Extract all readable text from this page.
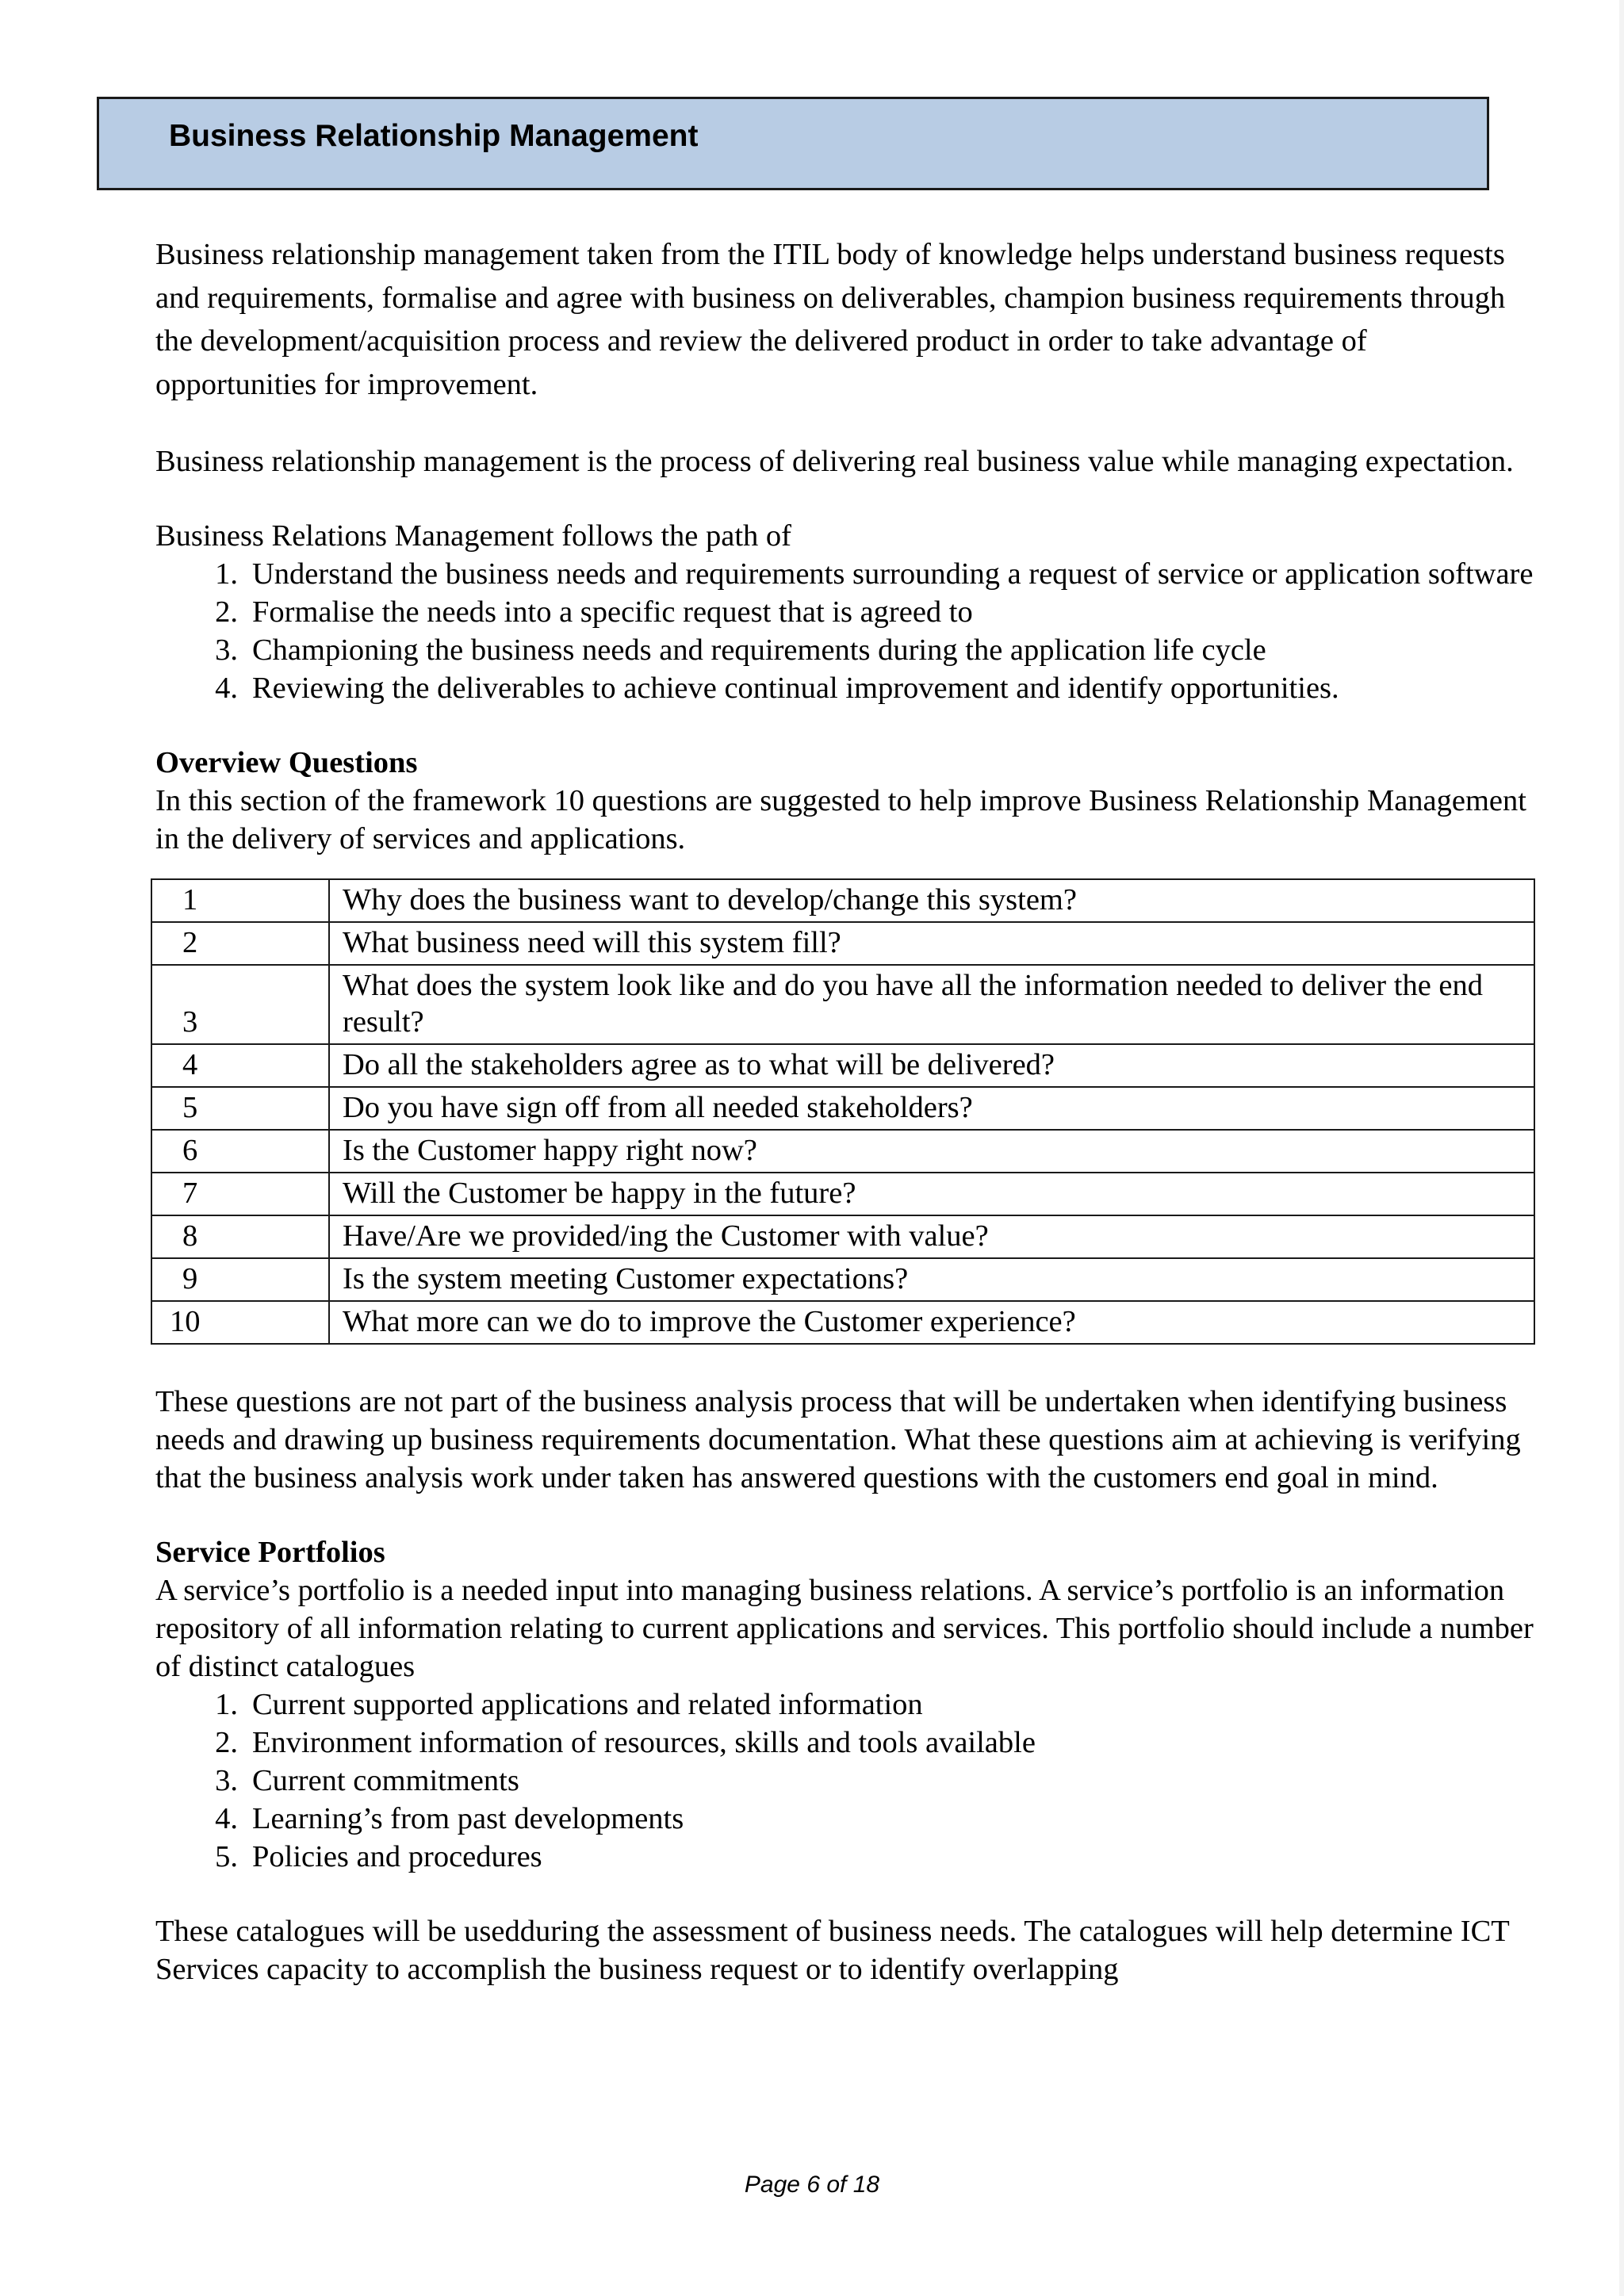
Business Relationship Management

Business relationship management taken from the ITIL body of knowledge helps understand business requests and requirements, formalise and agree with business on deliverables, champion business requirements through the development/acquisition process and review the delivered product in order to take advantage of opportunities for improvement.

Business relationship management is the process of delivering real business value while managing expectation.

Business Relations Management follows the path of

1. Understand the business needs and requirements surrounding a request of service or application software
2. Formalise the needs into a specific request that is agreed to
3. Championing the business needs and requirements during the application life cycle
4. Reviewing the deliverables to achieve continual improvement and identify opportunities.

Overview Questions

In this section of the framework 10 questions are suggested to help improve Business Relationship Management in the delivery of services and applications.

1	Why does the business want to develop/change this system?
2	What business need will this system fill?
3	What does the system look like and do you have all the information needed to deliver the end result?
4	Do all the stakeholders agree as to what will be delivered?
5	Do you have sign off from all needed stakeholders?
6	Is the Customer happy right now?
7	Will the Customer be happy in the future?
8	Have/Are we provided/ing the Customer with value?
9	Is the system meeting Customer expectations?
10	What more can we do to improve the Customer experience?

These questions are not part of the business analysis process that will be undertaken when identifying business needs and drawing up business requirements documentation. What these questions aim at achieving is verifying that the business analysis work under taken has answered questions with the customers end goal in mind.

Service Portfolios

A service’s portfolio is a needed input into managing business relations. A service’s portfolio is an information repository of all information relating to current applications and services. This portfolio should include a number of distinct catalogues

1. Current supported applications and related information
2. Environment information of resources, skills and tools available
3. Current commitments
4. Learning’s from past developments
5. Policies and procedures

These catalogues will be usedduring the assessment of business needs. The catalogues will help determine ICT Services capacity to accomplish the business request or to identify overlapping

Page 6 of 18
